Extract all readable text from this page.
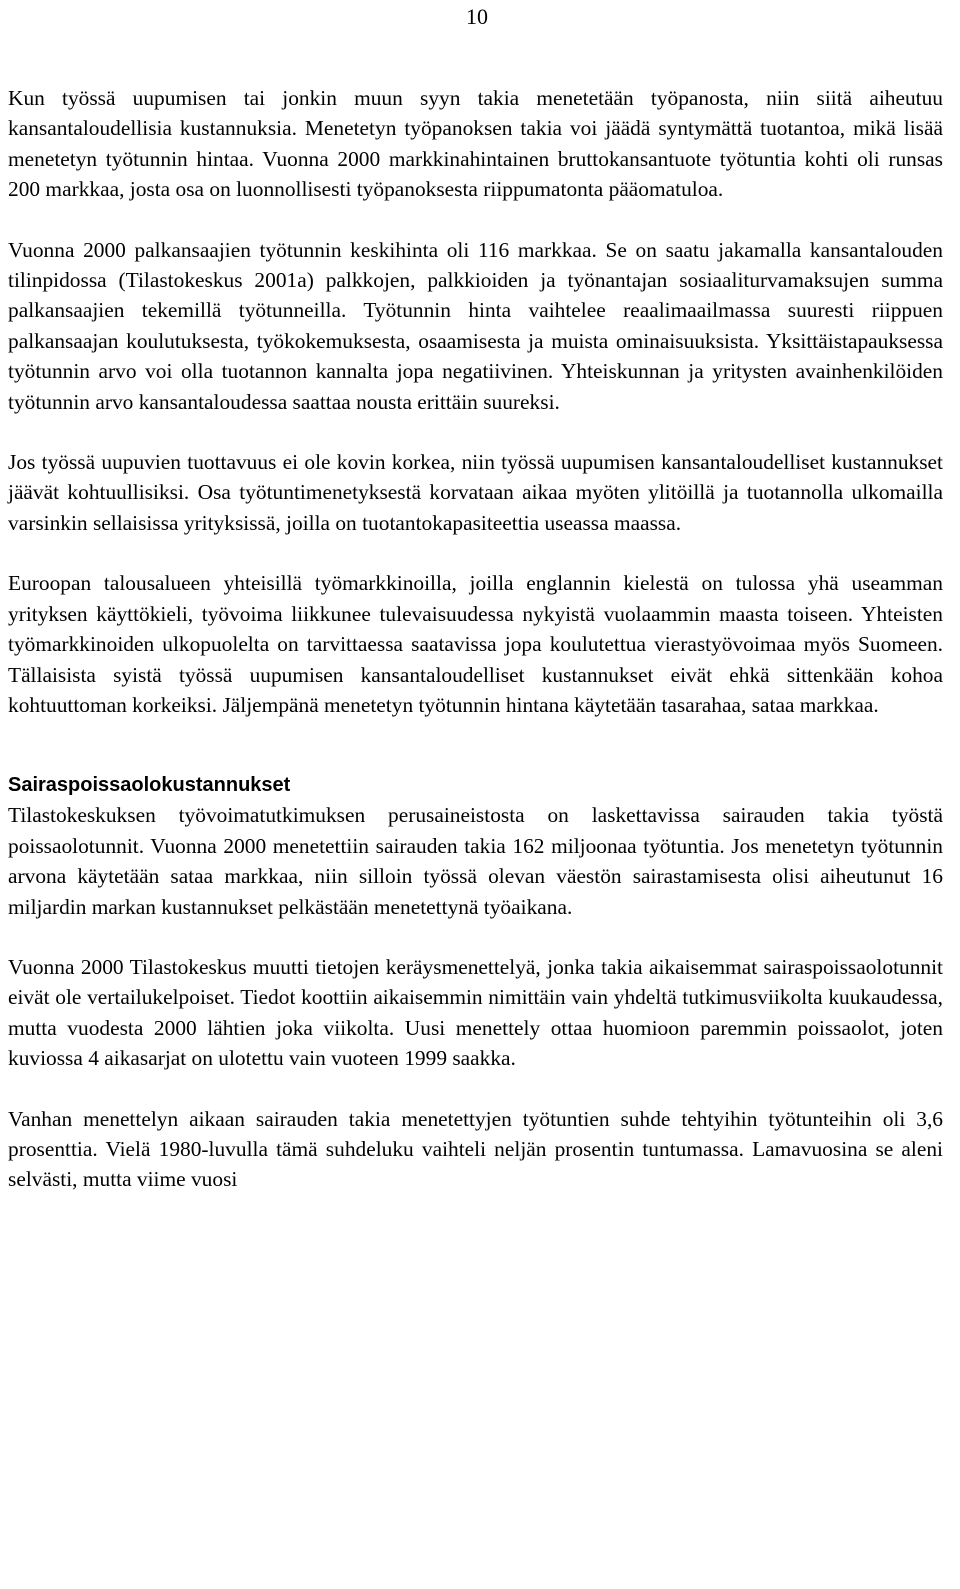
10

Kun työssä uupumisen tai jonkin muun syyn takia menetetään työpanosta, niin siitä aiheutuu kansantaloudellisia kustannuksia. Menetetyn työpanoksen takia voi jäädä syntymättä tuotantoa, mikä lisää menetetyn työtunnin hintaa. Vuonna 2000 markkinahintainen bruttokansantuote työtuntia kohti oli runsas 200 markkaa, josta osa on luonnollisesti työpanoksesta riippumatonta pääomatuloa.

Vuonna 2000 palkansaajien työtunnin keskihinta oli 116 markkaa. Se on saatu jakamalla kansantalouden tilinpidossa (Tilastokeskus 2001a) palkkojen, palkkioiden ja työnantajan sosiaaliturvamaksujen summa palkansaajien tekemillä työtunneilla. Työtunnin hinta vaihtelee reaalimaailmassa suuresti riippuen palkansaajan koulutuksesta, työkokemuksesta, osaamisesta ja muista ominaisuuksista. Yksittäistapauksessa työtunnin arvo voi olla tuotannon kannalta jopa negatiivinen. Yhteiskunnan ja yritysten avainhenkilöiden työtunnin arvo kansantaloudessa saattaa nousta erittäin suureksi.

Jos työssä uupuvien tuottavuus ei ole kovin korkea, niin työssä uupumisen kansantaloudelliset kustannukset jäävät kohtuullisiksi. Osa työtuntimenetyksestä korvataan aikaa myöten ylitöillä ja tuotannolla ulkomailla varsinkin sellaisissa yrityksissä, joilla on tuotantokapasiteettia useassa maassa.

Euroopan talousalueen yhteisillä työmarkkinoilla, joilla englannin kielestä on tulossa yhä useamman yrityksen käyttökieli, työvoima liikkunee tulevaisuudessa nykyistä vuolaammin maasta toiseen. Yhteisten työmarkkinoiden ulkopuolelta on tarvittaessa saatavissa jopa koulutettua vierastyövoimaa myös Suomeen. Tällaisista syistä työssä uupumisen kansantaloudelliset kustannukset eivät ehkä sittenkään kohoa kohtuuttoman korkeiksi. Jäljempänä menetetyn työtunnin hintana käytetään tasarahaa, sataa markkaa.

Sairaspoissaolokustannukset

Tilastokeskuksen työvoimatutkimuksen perusaineistosta on laskettavissa sairauden takia työstä poissaolotunnit. Vuonna 2000 menetettiin sairauden takia 162 miljoonaa työtuntia. Jos menetetyn työtunnin arvona käytetään sataa markkaa, niin silloin työssä olevan väestön sairastamisesta olisi aiheutunut 16 miljardin markan kustannukset pelkästään menetettynä työaikana.

Vuonna 2000 Tilastokeskus muutti tietojen keräysmenettelyä, jonka takia aikaisemmat sairaspoissaolotunnit eivät ole vertailukelpoiset. Tiedot koottiin aikaisemmin nimittäin vain yhdeltä tutkimusviikolta kuukaudessa, mutta vuodesta 2000 lähtien joka viikolta. Uusi menettely ottaa huomioon paremmin poissaolot, joten kuviossa 4 aikasarjat on ulotettu vain vuoteen 1999 saakka.

Vanhan menettelyn aikaan sairauden takia menetettyjen työtuntien suhde tehtyihin työtunteihin oli 3,6 prosenttia. Vielä 1980-luvulla tämä suhdeluku vaihteli neljän prosentin tuntumassa. Lamavuosina se aleni selvästi, mutta viime vuosi
